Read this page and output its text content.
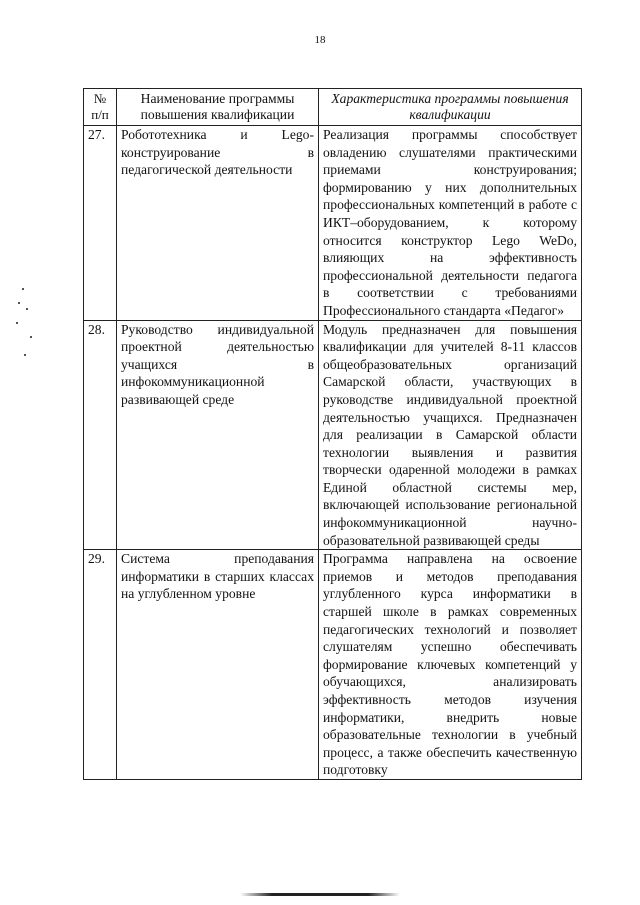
18
№ п/п	Наименование программы повышения квалификации	Характеристика программы повышения квалификации
27.	Робототехника и Lego-конструирование в педагогической деятельности	Реализация программы способствует овладению слушателями практическими приемами конструирования; формированию у них дополнительных профессиональных компетенций в работе с ИКТ–оборудованием, к которому относится конструктор Lego WeDo, влияющих на эффективность профессиональной деятельности педагога в соответствии с требованиями Профессионального стандарта «Педагог»
28.	Руководство индивидуальной проектной деятельностью учащихся в инфокоммуникационной развивающей среде	Модуль предназначен для повышения квалификации для учителей 8-11 классов общеобразовательных организаций Самарской области, участвующих в руководстве индивидуальной проектной деятельностью учащихся. Предназначен для реализации в Самарской области технологии выявления и развития творчески одаренной молодежи в рамках Единой областной системы мер, включающей использование региональной инфокоммуникационной научно-образовательной развивающей среды
29.	Система преподавания информатики в старших классах на углубленном уровне	Программа направлена на освоение приемов и методов преподавания углубленного курса информатики в старшей школе в рамках современных педагогических технологий и позволяет слушателям успешно обеспечивать формирование ключевых компетенций у обучающихся, анализировать эффективность методов изучения информатики, внедрить новые образовательные технологии в учебный процесс, а также обеспечить качественную подготовку
